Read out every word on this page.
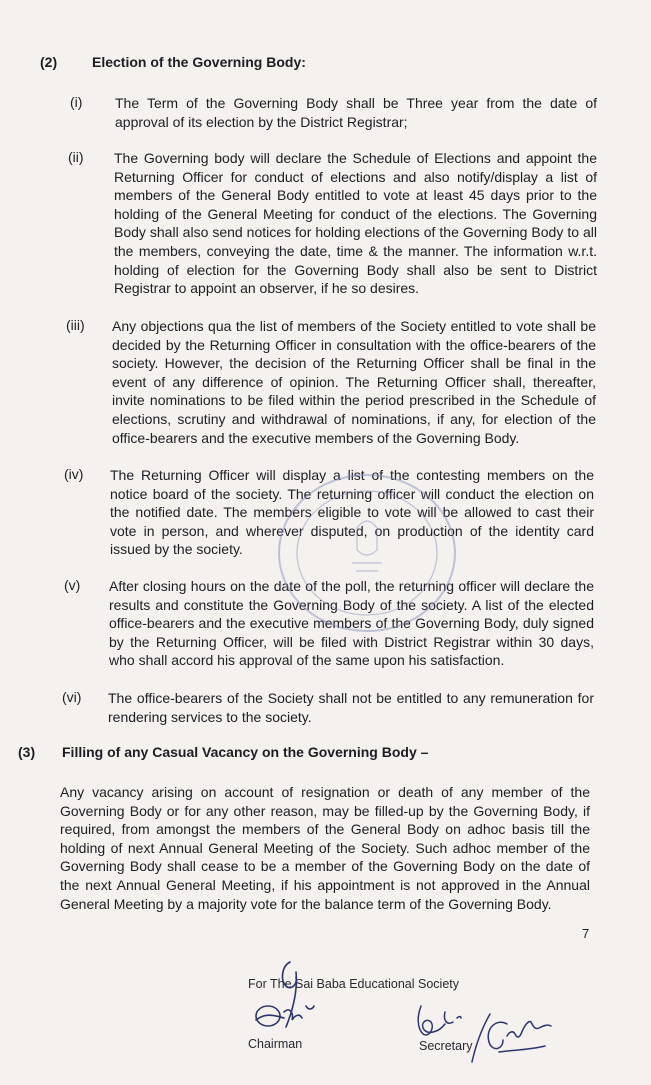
(2) Election of the Governing Body:
(i) The Term of the Governing Body shall be Three year from the date of approval of its election by the District Registrar;
(ii) The Governing body will declare the Schedule of Elections and appoint the Returning Officer for conduct of elections and also notify/display a list of members of the General Body entitled to vote at least 45 days prior to the holding of the General Meeting for conduct of the elections. The Governing Body shall also send notices for holding elections of the Governing Body to all the members, conveying the date, time & the manner. The information w.r.t. holding of election for the Governing Body shall also be sent to District Registrar to appoint an observer, if he so desires.
(iii) Any objections qua the list of members of the Society entitled to vote shall be decided by the Returning Officer in consultation with the office-bearers of the society. However, the decision of the Returning Officer shall be final in the event of any difference of opinion. The Returning Officer shall, thereafter, invite nominations to be filed within the period prescribed in the Schedule of elections, scrutiny and withdrawal of nominations, if any, for election of the office-bearers and the executive members of the Governing Body.
(iv) The Returning Officer will display a list of the contesting members on the notice board of the society. The returning officer will conduct the election on the notified date. The members eligible to vote will be allowed to cast their vote in person, and wherever disputed, on production of the identity card issued by the society.
(v) After closing hours on the date of the poll, the returning officer will declare the results and constitute the Governing Body of the society. A list of the elected office-bearers and the executive members of the Governing Body, duly signed by the Returning Officer, will be filed with District Registrar within 30 days, who shall accord his approval of the same upon his satisfaction.
(vi) The office-bearers of the Society shall not be entitled to any remuneration for rendering services to the society.
(3) Filling of any Casual Vacancy on the Governing Body –
Any vacancy arising on account of resignation or death of any member of the Governing Body or for any other reason, may be filled-up by the Governing Body, if required, from amongst the members of the General Body on adhoc basis till the holding of next Annual General Meeting of the Society. Such adhoc member of the Governing Body shall cease to be a member of the Governing Body on the date of the next Annual General Meeting, if his appointment is not approved in the Annual General Meeting by a majority vote for the balance term of the Governing Body.
7
For The Sai Baba Educational Society
Chairman	Secretary
